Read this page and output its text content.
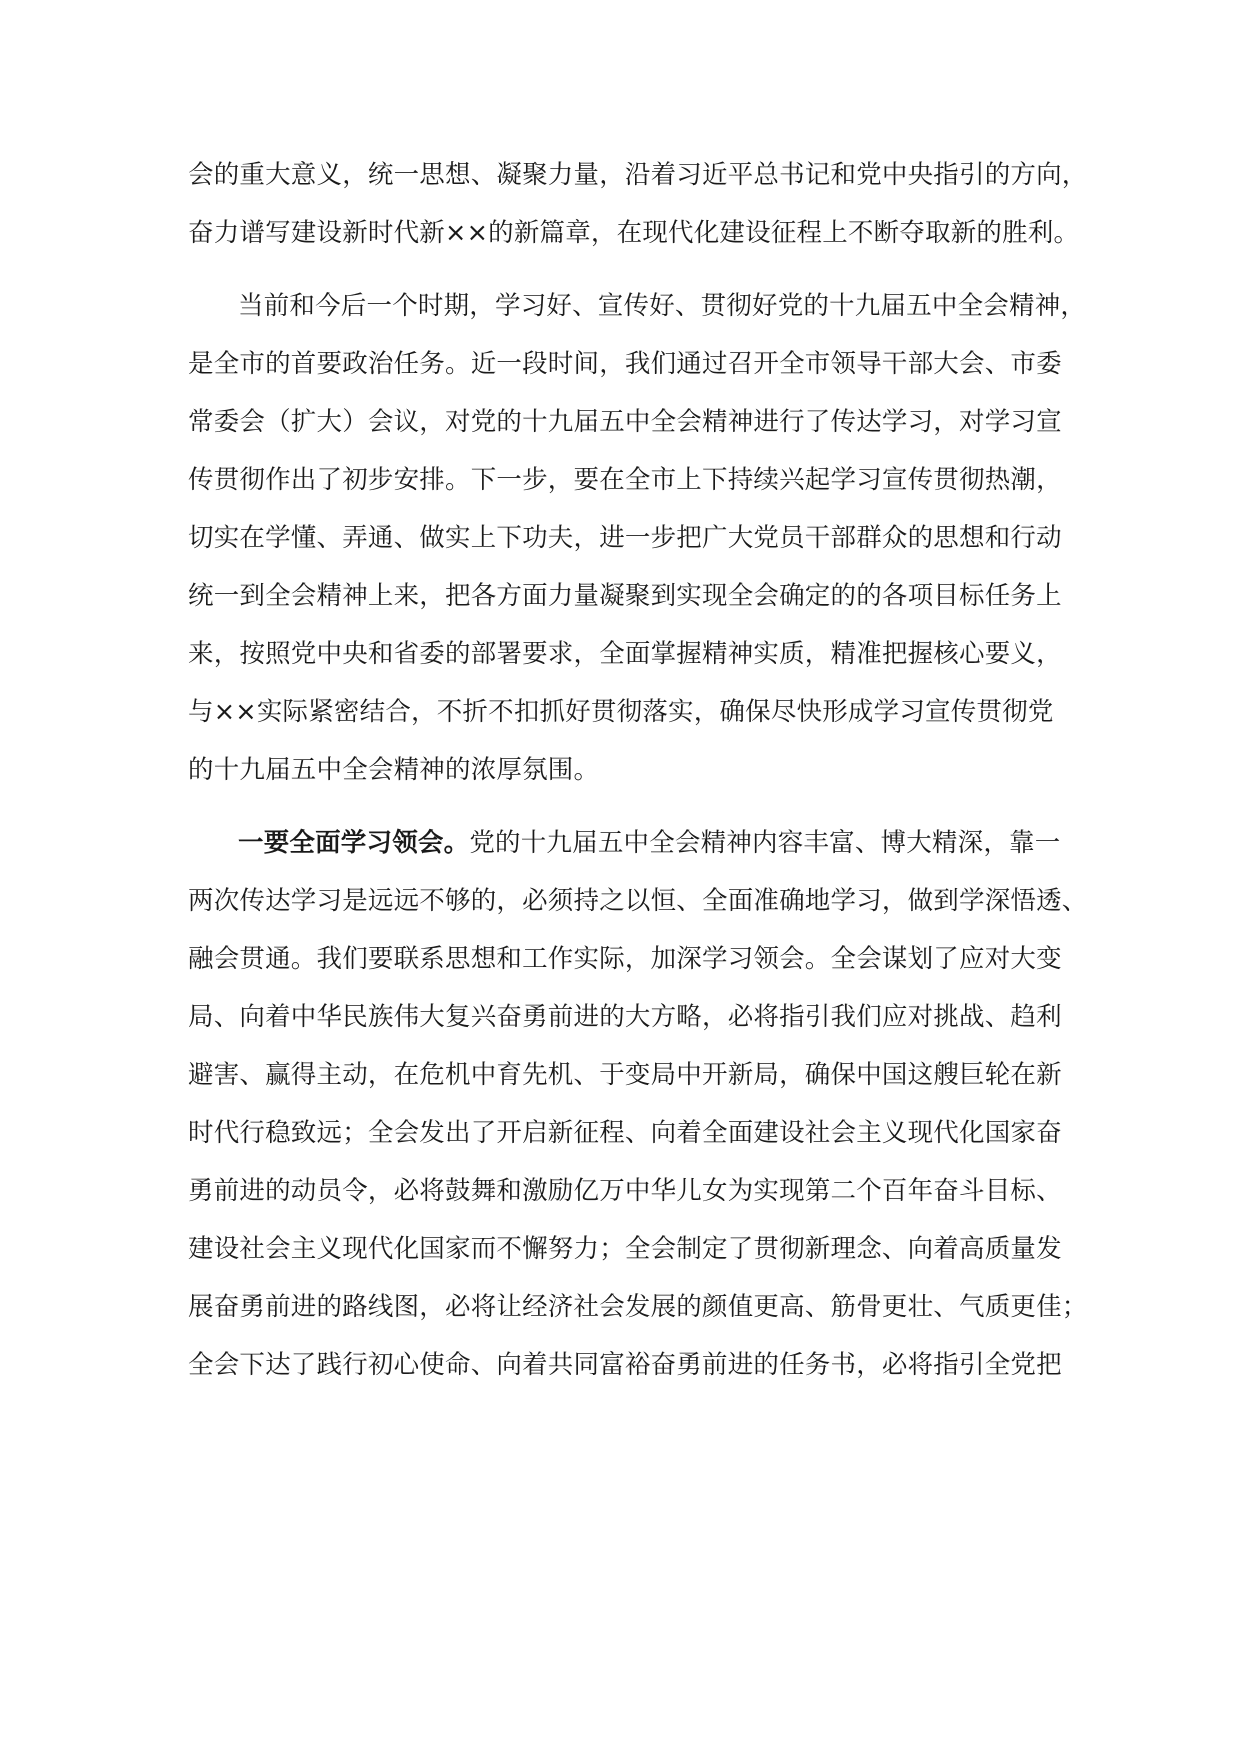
会的重大意义，统一思想、凝聚力量，沿着习近平总书记和党中央指引的方向，
奋力谱写建设新时代新××的新篇章，在现代化建设征程上不断夺取新的胜利。
当前和今后一个时期，学习好、宣传好、贯彻好党的十九届五中全会精神，
是全市的首要政治任务。近一段时间，我们通过召开全市领导干部大会、市委
常委会（扩大）会议，对党的十九届五中全会精神进行了传达学习，对学习宣
传贯彻作出了初步安排。下一步，要在全市上下持续兴起学习宣传贯彻热潮，
切实在学懂、弄通、做实上下功夫，进一步把广大党员干部群众的思想和行动
统一到全会精神上来，把各方面力量凝聚到实现全会确定的的各项目标任务上
来，按照党中央和省委的部署要求，全面掌握精神实质，精准把握核心要义，
与××实际紧密结合，不折不扣抓好贯彻落实，确保尽快形成学习宣传贯彻党
的十九届五中全会精神的浓厚氛围。
一要全面学习领会。党的十九届五中全会精神内容丰富、博大精深，靠一
两次传达学习是远远不够的，必须持之以恒、全面准确地学习，做到学深悟透、
融会贯通。我们要联系思想和工作实际，加深学习领会。全会谋划了应对大变
局、向着中华民族伟大复兴奋勇前进的大方略，必将指引我们应对挑战、趋利
避害、赢得主动，在危机中育先机、于变局中开新局，确保中国这艘巨轮在新
时代行稳致远；全会发出了开启新征程、向着全面建设社会主义现代化国家奋
勇前进的动员令，必将鼓舞和激励亿万中华儿女为实现第二个百年奋斗目标、
建设社会主义现代化国家而不懈努力；全会制定了贯彻新理念、向着高质量发
展奋勇前进的路线图，必将让经济社会发展的颜值更高、筋骨更壮、气质更佳；
全会下达了践行初心使命、向着共同富裕奋勇前进的任务书，必将指引全党把
